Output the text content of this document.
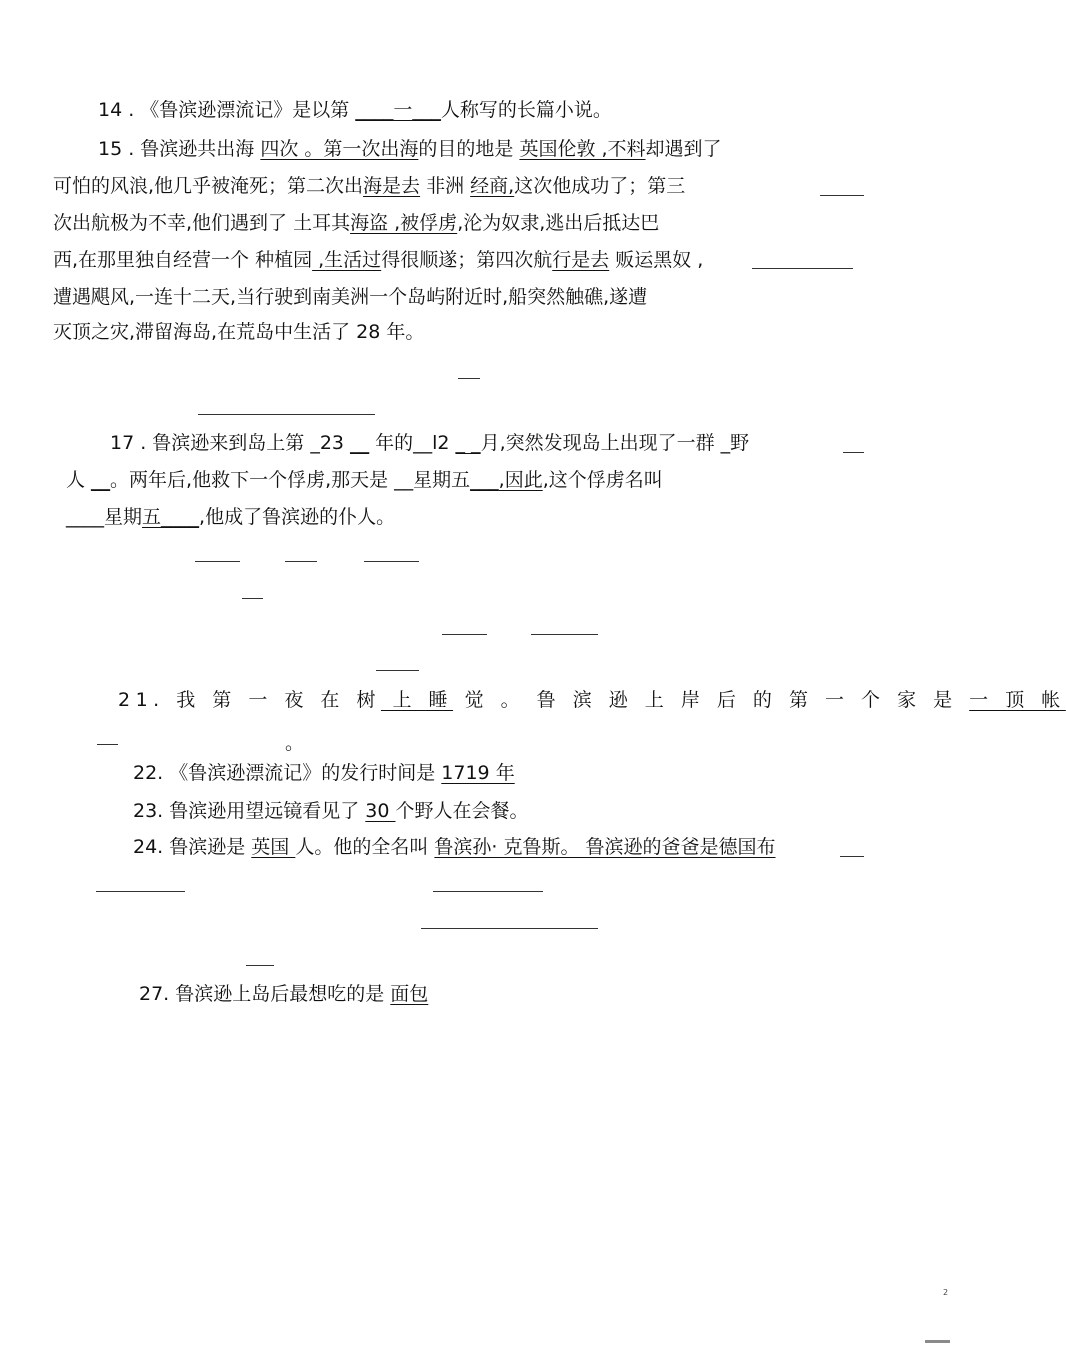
14 . 《鲁滨逊漂流记》是以第 ____一___人称写的长篇小说。
15 . 鲁滨逊共出海 四次 。第一次出海的目的地是 英国伦敦 ,不料却遇到了
可怕的风浪,他几乎被淹死；第二次出海是去 非洲 经商,这次他成功了；第三
次出航极为不幸,他们遇到了 土耳其海盗 ,被俘虏,沦为奴隶,逃出后抵达巴
西,在那里独自经营一个 种植园 ,生活过得很顺遂；第四次航行是去 贩运黑奴 ,
遭遇飓风,一连十二天,当行驶到南美洲一个岛屿附近时,船突然触礁,遂遭
灭顶之灾,滞留海岛,在荒岛中生活了 28 年。
17 . 鲁滨逊来到岛上第 _23 __ 年的__l2 _ _月,突然发现岛上出现了一群 _野
人 __。两年后,他救下一个俘虏,那天是 __星期五___,因此,这个俘虏名叫
____星期五____,他成了鲁滨逊的仆人。
21. 我 第 一 夜 在 树 上 睡 觉 。 鲁 滨 逊 上 岸 后 的 第 一 个 家 是 一 顶 帐
。
22. 《鲁滨逊漂流记》的发行时间是 1719 年
23. 鲁滨逊用望远镜看见了 30 个野人在会餐。
24. 鲁滨逊是 英国 人。他的全名叫 鲁滨孙· 克鲁斯。 鲁滨逊的爸爸是德国布
27. 鲁滨逊上岛后最想吃的是 面包
2
